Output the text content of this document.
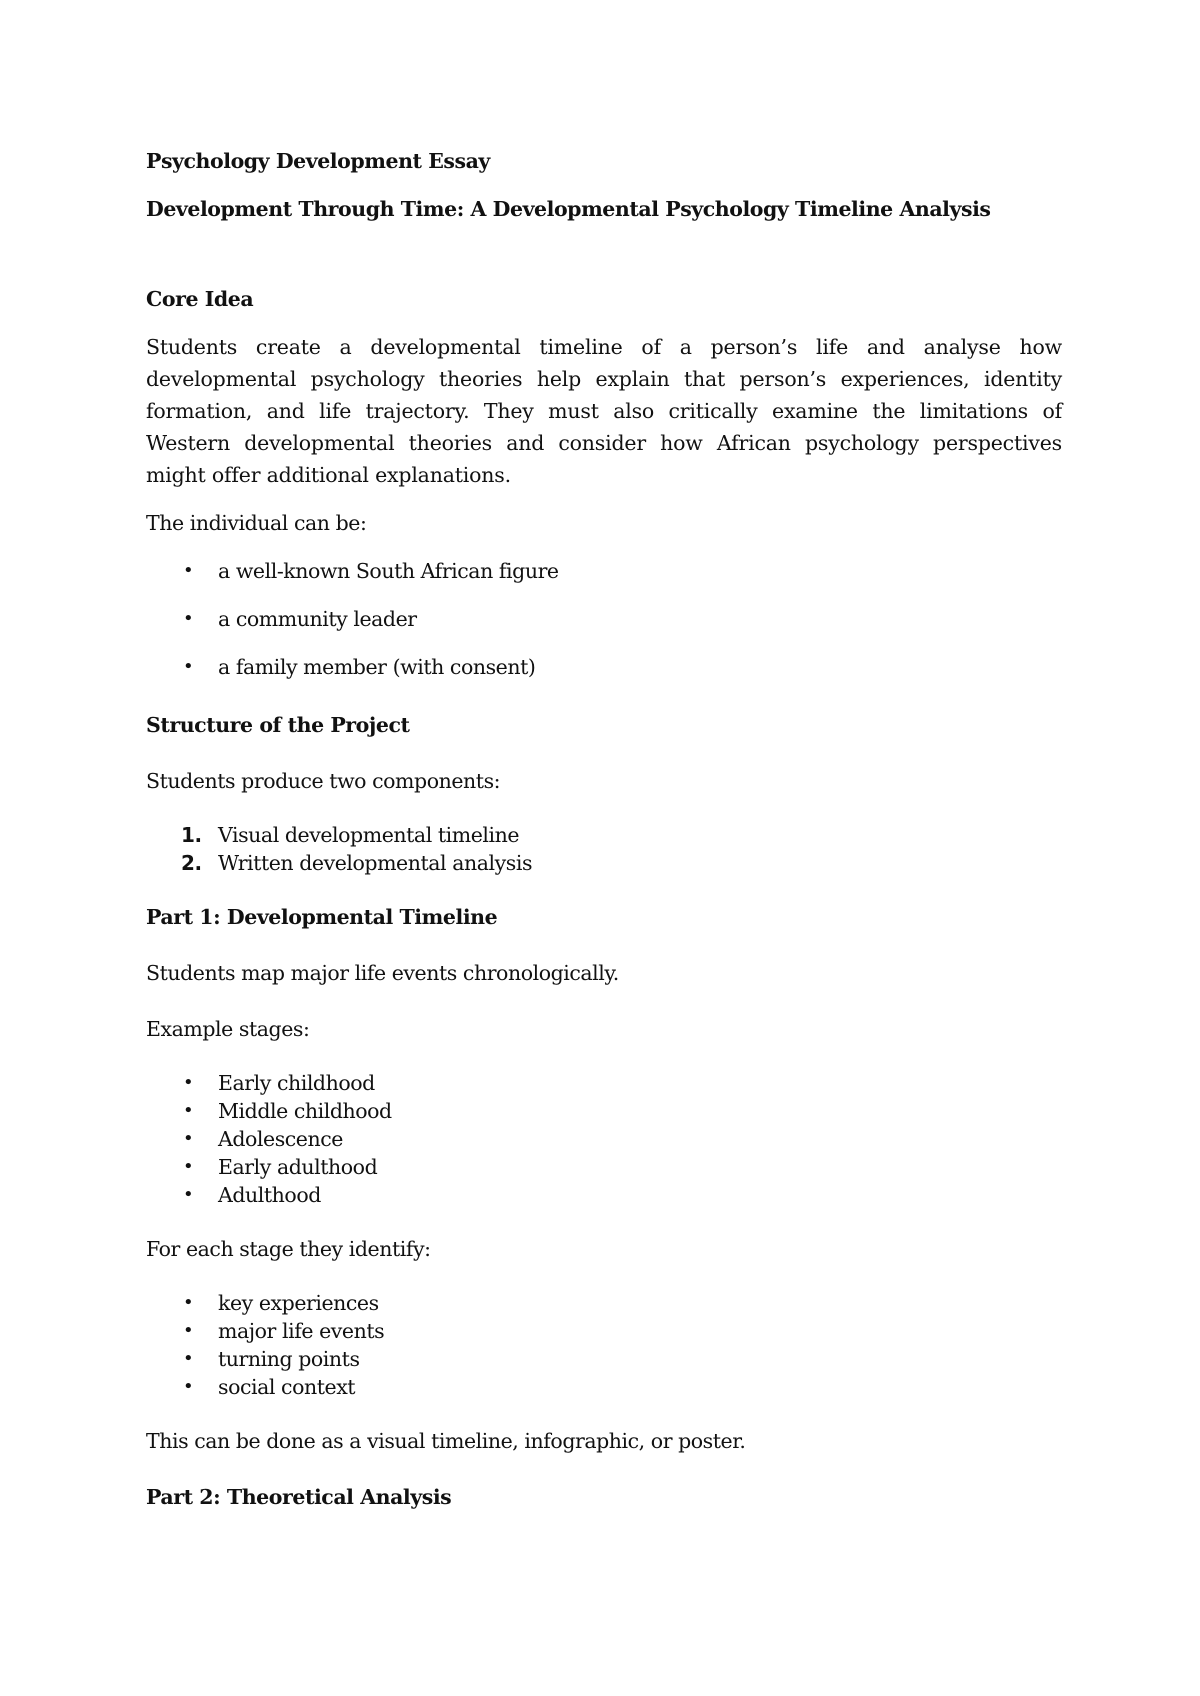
Psychology Development Essay

Development Through Time: A Developmental Psychology Timeline Analysis

Core Idea

Students create a developmental timeline of a person’s life and analyse how developmental psychology theories help explain that person’s experiences, identity formation, and life trajectory. They must also critically examine the limitations of Western developmental theories and consider how African psychology perspectives might offer additional explanations.

The individual can be:

• a well-known South African figure
• a community leader
• a family member (with consent)

Structure of the Project

Students produce two components:

1. Visual developmental timeline
2. Written developmental analysis

Part 1: Developmental Timeline

Students map major life events chronologically.

Example stages:

• Early childhood
• Middle childhood
• Adolescence
• Early adulthood
• Adulthood

For each stage they identify:

• key experiences
• major life events
• turning points
• social context

This can be done as a visual timeline, infographic, or poster.

Part 2: Theoretical Analysis
